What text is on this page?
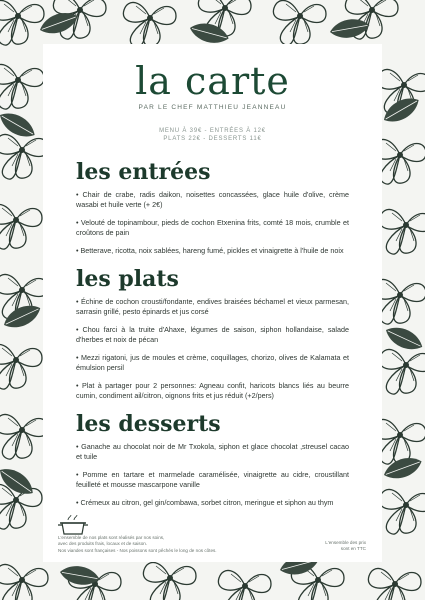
la carte
PAR LE CHEF MATTHIEU JEANNEAU
MENU À 39€ - ENTRÉES À 12€
PLATS 22€ - DESSERTS 11€
les entrées
• Chair de crabe, radis daikon, noisettes concassées, glace huile d'olive, crème wasabi et huile verte (+ 2€)
• Velouté de topinambour, pieds de cochon Etxenina frits, comté 18 mois, crumble et croûtons de pain
• Betterave, ricotta, noix sablées, hareng fumé, pickles et vinaigrette à l'huile de noix
les plats
• Échine de cochon crousti/fondante, endives braisées béchamel et vieux parmesan, sarrasin grillé, pesto épinards et jus corsé
• Chou farci à la truite d'Ahaxe, légumes de saison, siphon hollandaise, salade d'herbes et noix de pécan
• Mezzi rigatoni, jus de moules et crème, coquillages, chorizo, olives de Kalamata et émulsion persil
• Plat à partager pour 2 personnes: Agneau confit, haricots blancs liés au beurre cumin, condiment ail/citron, oignons frits et jus réduit (+2/pers)
les desserts
• Ganache au chocolat noir de Mr Txokola, siphon et glace chocolat ,streusel cacao et tuile
• Pomme en tartare et marmelade caramélisée, vinaigrette au cidre, croustillant feuilleté et mousse mascarpone vanille
• Crémeux au citron, gel gin/combawa, sorbet citron, meringue et siphon au thym
L'ensemble de nos plats sont réalisés par nos soins,
avec des produits frais, locaux et de saison.
Nos viandes sont françaises - Nos poissons sont pêchés le long de nos côtes.
L'ensemble des prix
sont en TTC
